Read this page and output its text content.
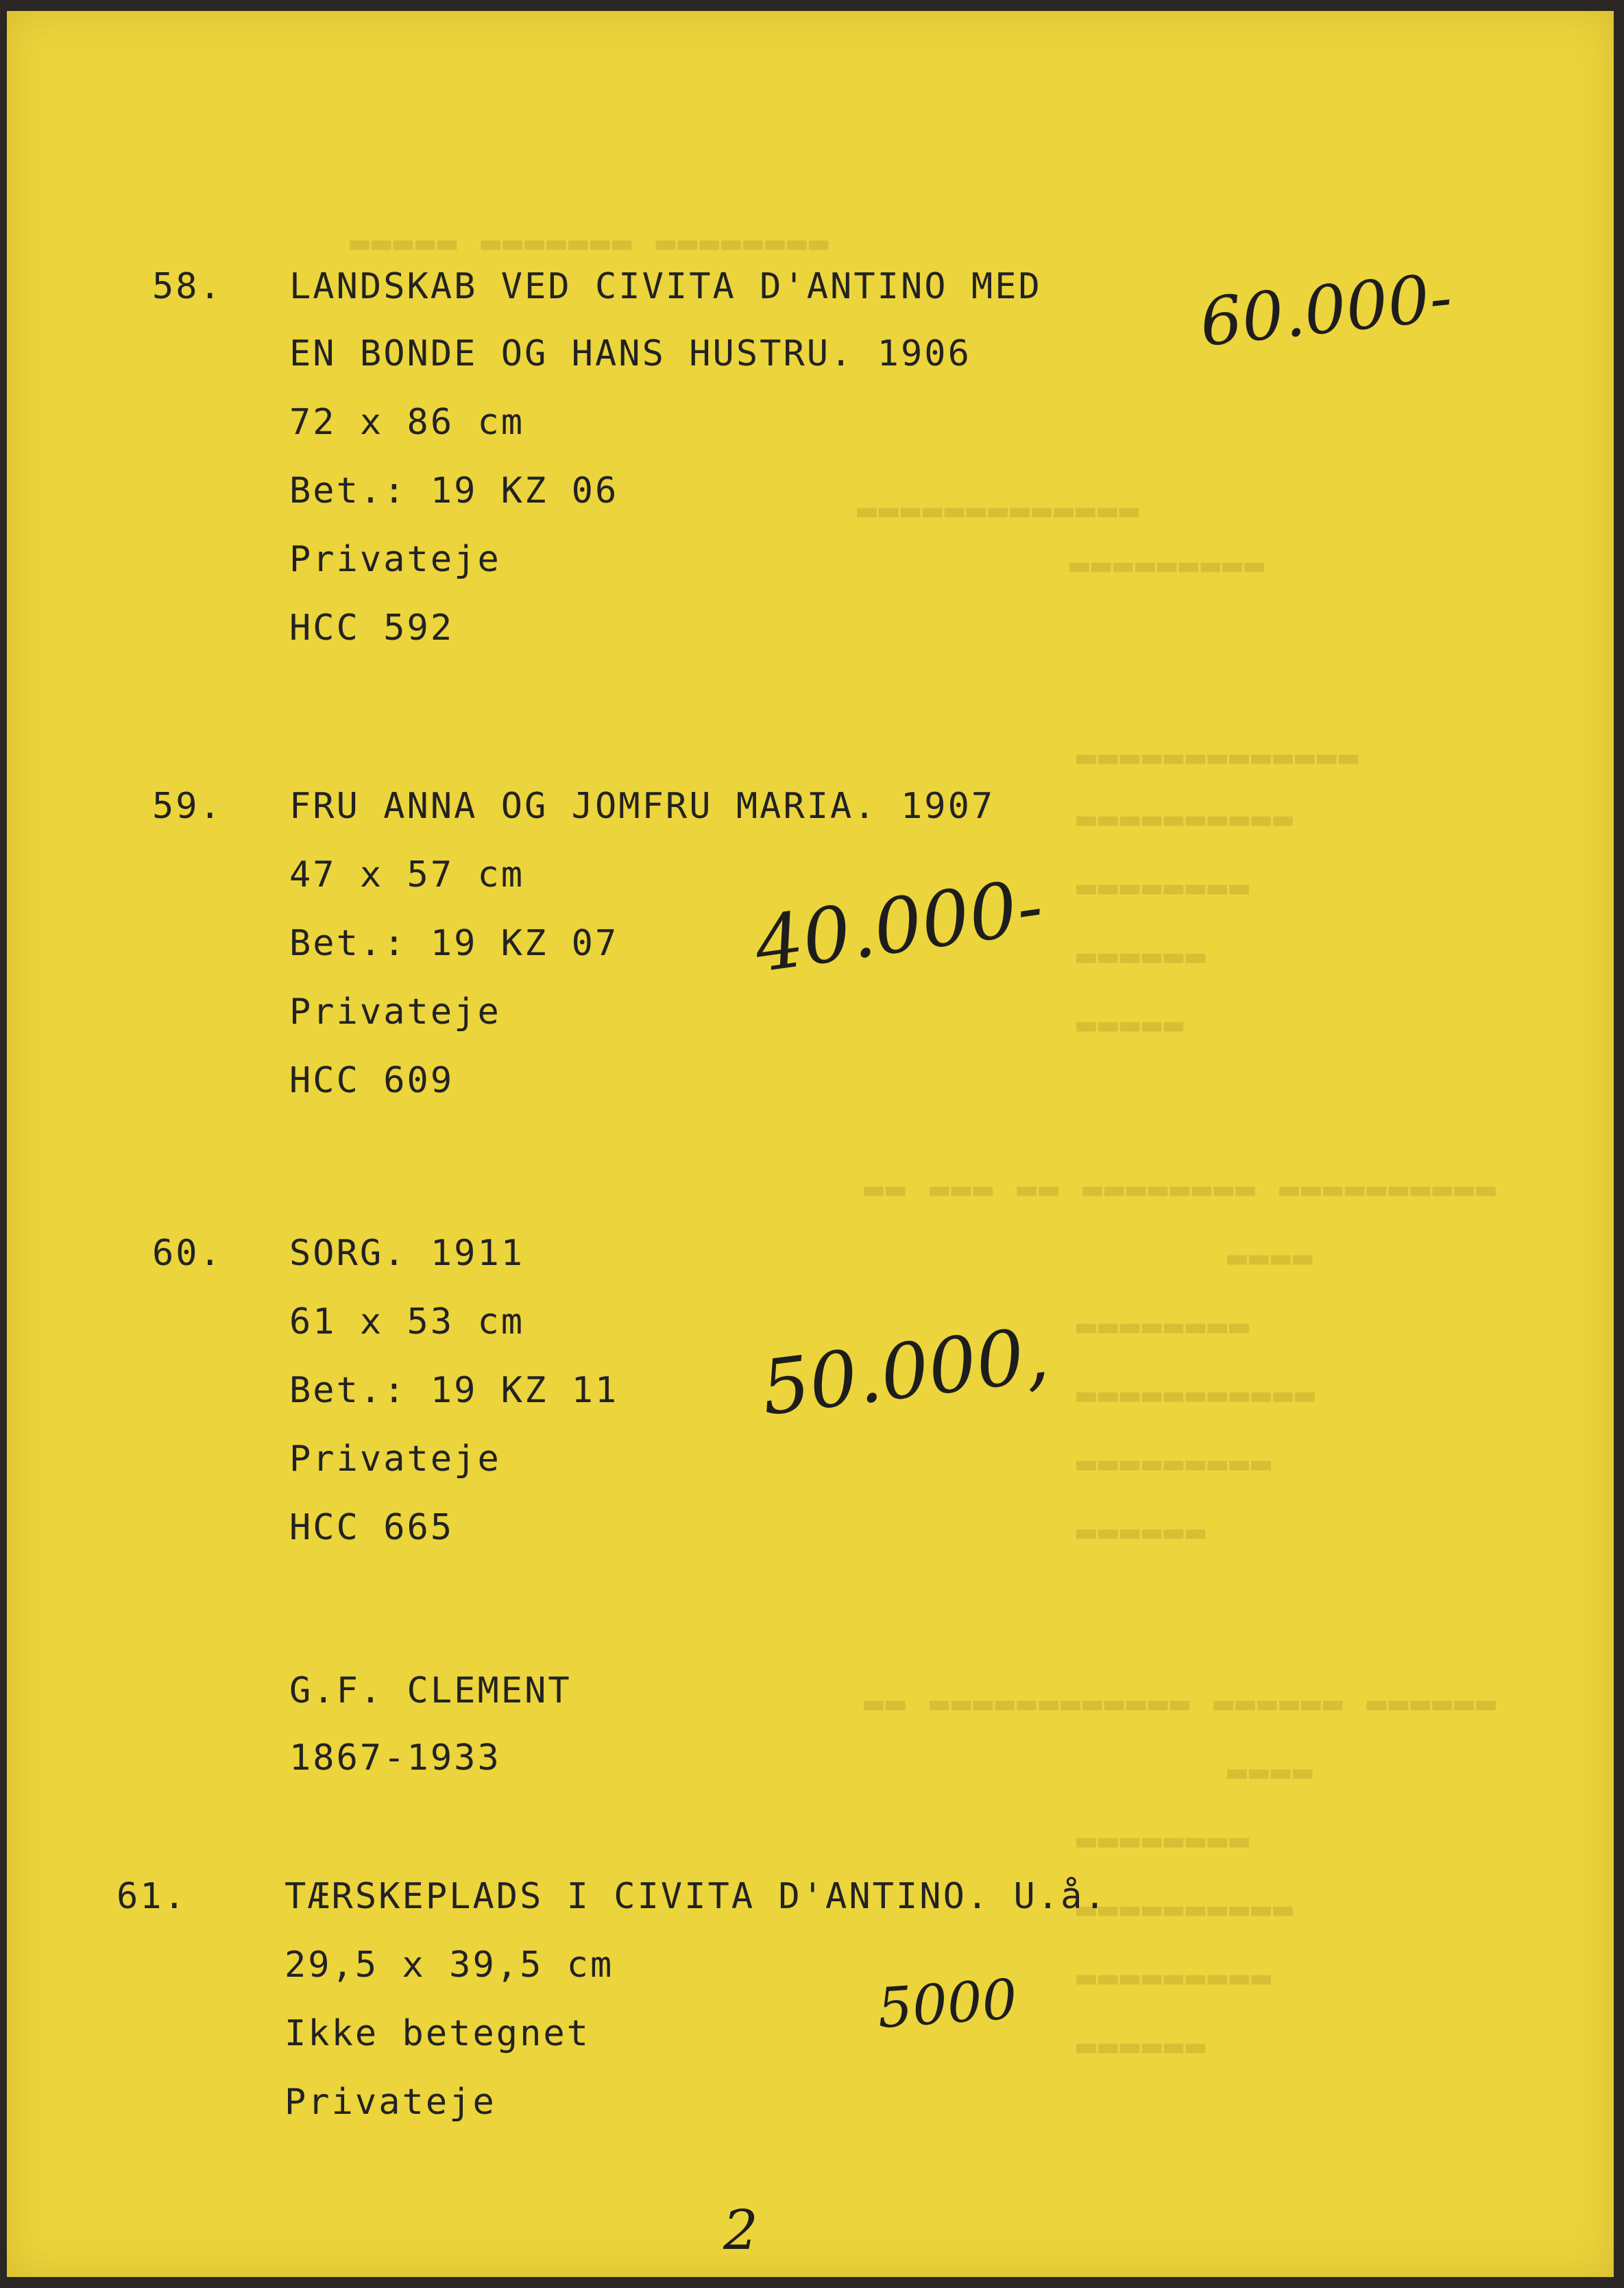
▬▬▬▬▬ ▬▬▬▬▬▬▬ ▬▬▬▬▬▬▬▬
▬▬▬▬▬▬▬▬▬▬▬▬▬
▬▬▬▬▬▬▬▬▬
▬▬▬▬▬▬▬▬▬▬▬▬▬
▬▬▬▬▬▬▬▬▬▬
▬▬▬▬▬▬▬▬
▬▬▬▬▬▬
▬▬▬▬▬
▬▬ ▬▬▬ ▬▬ ▬▬▬▬▬▬▬▬ ▬▬▬▬▬▬▬▬▬▬
▬▬▬▬
▬▬▬▬▬▬▬▬
▬▬▬▬▬▬▬▬▬▬▬
▬▬▬▬▬▬▬▬▬
▬▬▬▬▬▬
▬▬ ▬▬▬▬▬▬▬▬▬▬▬▬ ▬▬▬▬▬▬ ▬▬▬▬▬▬
▬▬▬▬
▬▬▬▬▬▬▬▬
▬▬▬▬▬▬▬▬▬▬
▬▬▬▬▬▬▬▬▬
▬▬▬▬▬▬
58. LANDSKAB VED CIVITA D'ANTINO MED
EN BONDE OG HANS HUSTRU. 1906
72 x 86 cm
Bet.: 19 KZ 06
Privateje
HCC 592
60.000-
59. FRU ANNA OG JOMFRU MARIA. 1907
47 x 57 cm
Bet.: 19 KZ 07
Privateje
HCC 609
40.000-
60. SORG. 1911
61 x 53 cm
Bet.: 19 KZ 11
Privateje
HCC 665
50.000,
G.F. CLEMENT
1867-1933
61.	TÆRSKEPLADS I CIVITA D'ANTINO. U.å.
29,5 x 39,5 cm
Ikke betegnet
Privateje
5000
2
